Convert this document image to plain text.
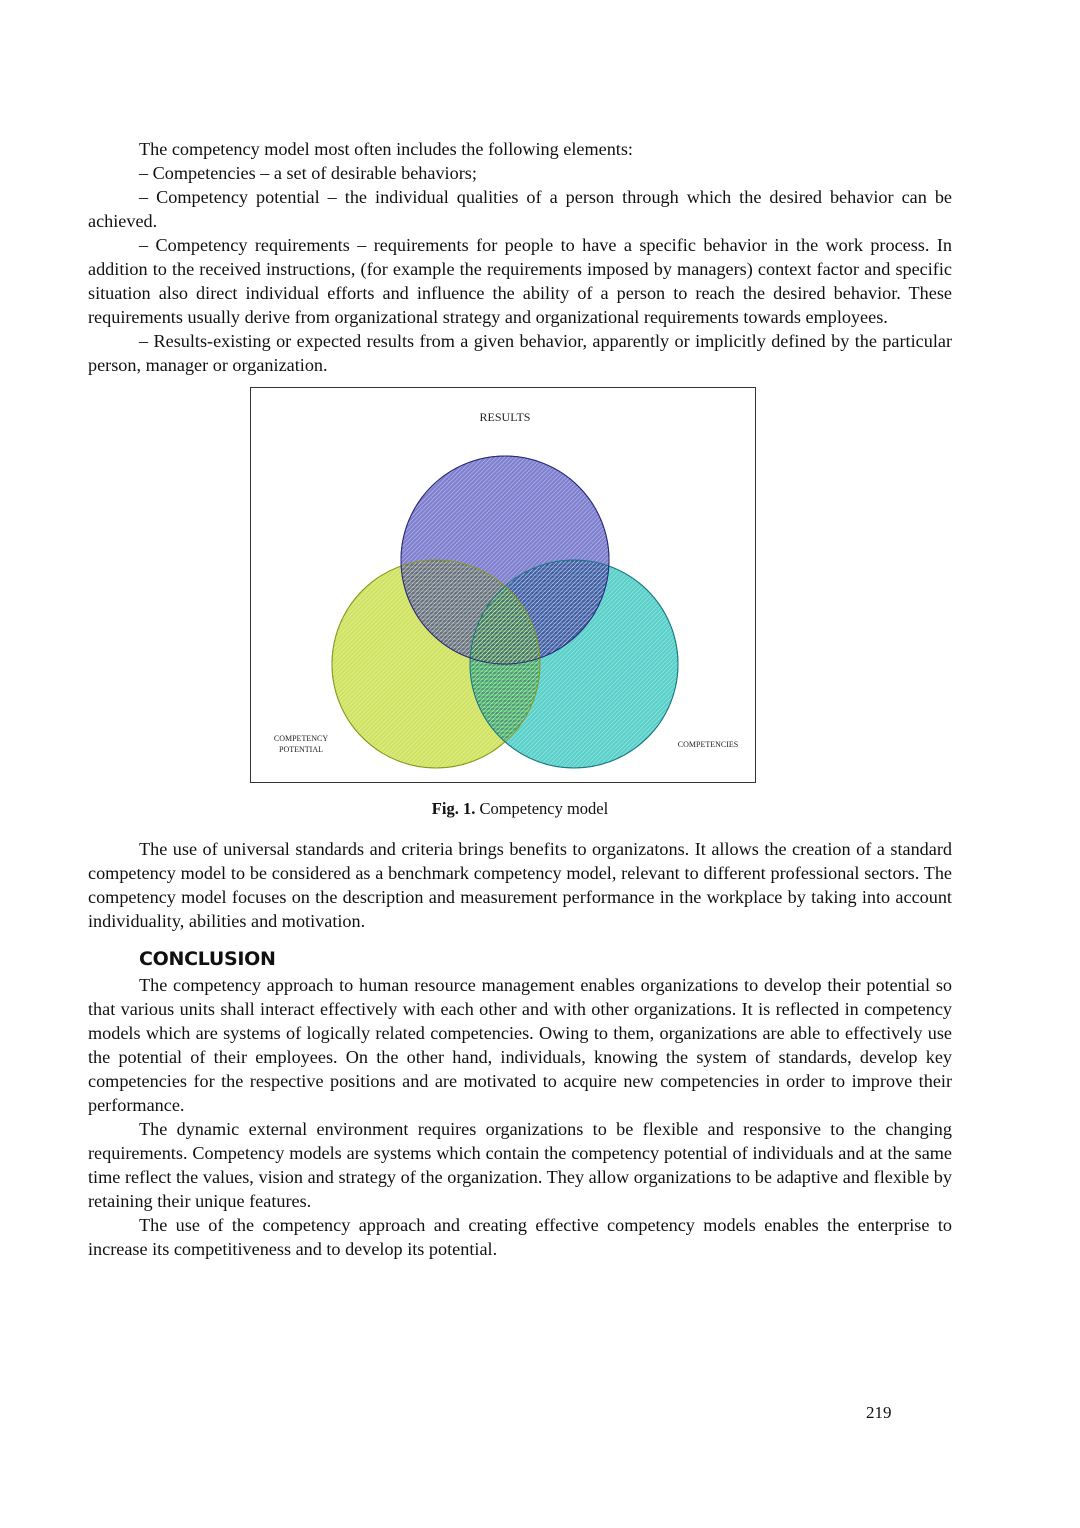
The competency model most often includes the following elements:

– Competencies – a set of desirable behaviors;

– Competency potential – the individual qualities of a person through which the desired behavior can be achieved.

– Competency requirements – requirements for people to have a specific behavior in the work process. In addition to the received instructions, (for example the requirements imposed by managers) context factor and specific situation also direct individual efforts and influence the ability of a person to reach the desired behavior. These requirements usually derive from organizational strategy and organizational requirements towards employees.

– Results-existing or expected results from a given behavior, apparently or implicitly defined by the particular person, manager or organization.

RESULTS
COMPETENCY
POTENTIAL
COMPETENCIES
Fig. 1. Competency model

The use of universal standards and criteria brings benefits to organizatons. It allows the creation of a standard competency model to be considered as a benchmark competency model, relevant to different professional sectors. The competency model focuses on the description and measurement performance in the workplace by taking into account individuality, abilities and motivation.

CONCLUSION

The competency approach to human resource management enables organizations to develop their potential so that various units shall interact effectively with each other and with other organizations. It is reflected in competency models which are systems of logically related competencies. Owing to them, organizations are able to effectively use the potential of their employees. On the other hand, individuals, knowing the system of standards, develop key competencies for the respective positions and are motivated to acquire new competencies in order to improve their performance.

The dynamic external environment requires organizations to be flexible and responsive to the changing requirements. Competency models are systems which contain the competency potential of individuals and at the same time reflect the values, vision and strategy of the organization. They allow organizations to be adaptive and flexible by retaining their unique features.

The use of the competency approach and creating effective competency models enables the enterprise to increase its competitiveness and to develop its potential.

219
